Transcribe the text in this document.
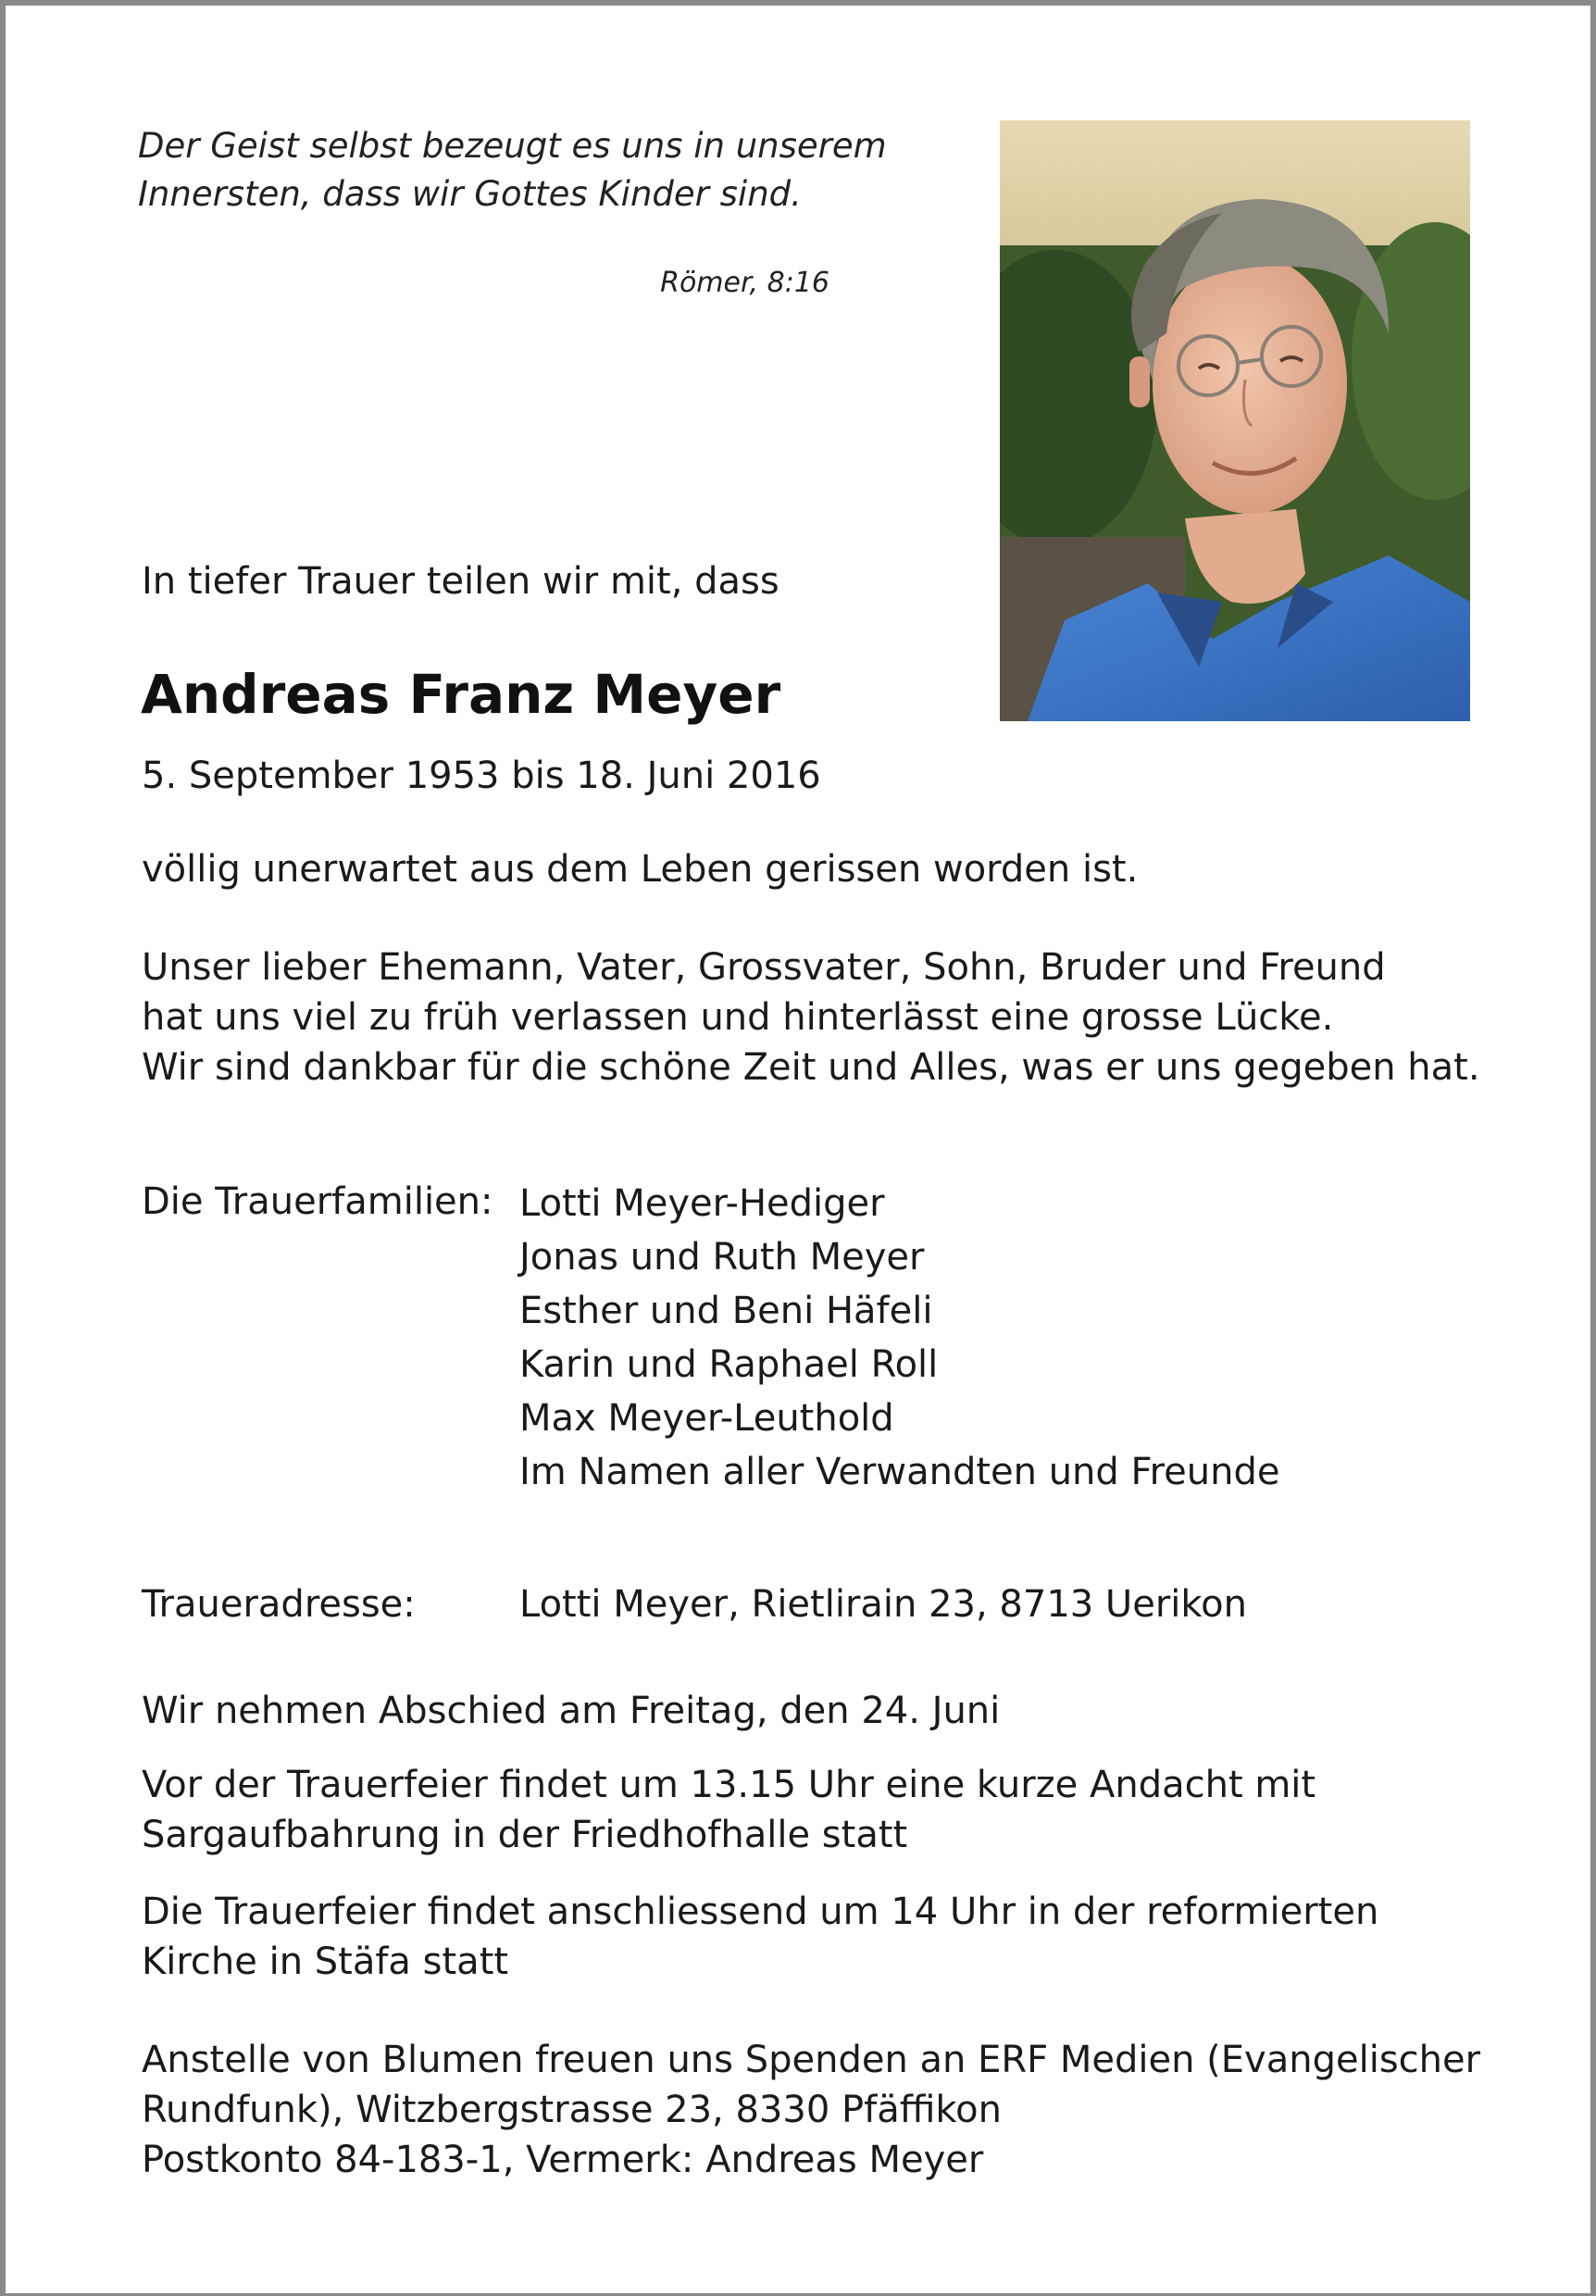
Der Geist selbst bezeugt es uns in unserem
Innersten, dass wir Gottes Kinder sind.
Römer, 8:16
In tiefer Trauer teilen wir mit, dass
Andreas Franz Meyer
5. September 1953 bis 18. Juni 2016
völlig unerwartet aus dem Leben gerissen worden ist.
Unser lieber Ehemann, Vater, Grossvater, Sohn, Bruder und Freund
hat uns viel zu früh verlassen und hinterlässt eine grosse Lücke.
Wir sind dankbar für die schöne Zeit und Alles, was er uns gegeben hat.
Die Trauerfamilien: Lotti Meyer-Hediger
Jonas und Ruth Meyer
Esther und Beni Häfeli
Karin und Raphael Roll
Max Meyer-Leuthold
Im Namen aller Verwandten und Freunde
Traueradresse:	Lotti Meyer, Rietlirain 23, 8713 Uerikon
Wir nehmen Abschied am Freitag, den 24. Juni
Vor der Trauerfeier findet um 13.15 Uhr eine kurze Andacht mit
Sargaufbahrung in der Friedhofhalle statt
Die Trauerfeier findet anschliessend um 14 Uhr in der reformierten
Kirche in Stäfa statt
Anstelle von Blumen freuen uns Spenden an ERF Medien (Evangelischer
Rundfunk), Witzbergstrasse 23, 8330 Pfäffikon
Postkonto 84-183-1, Vermerk: Andreas Meyer
